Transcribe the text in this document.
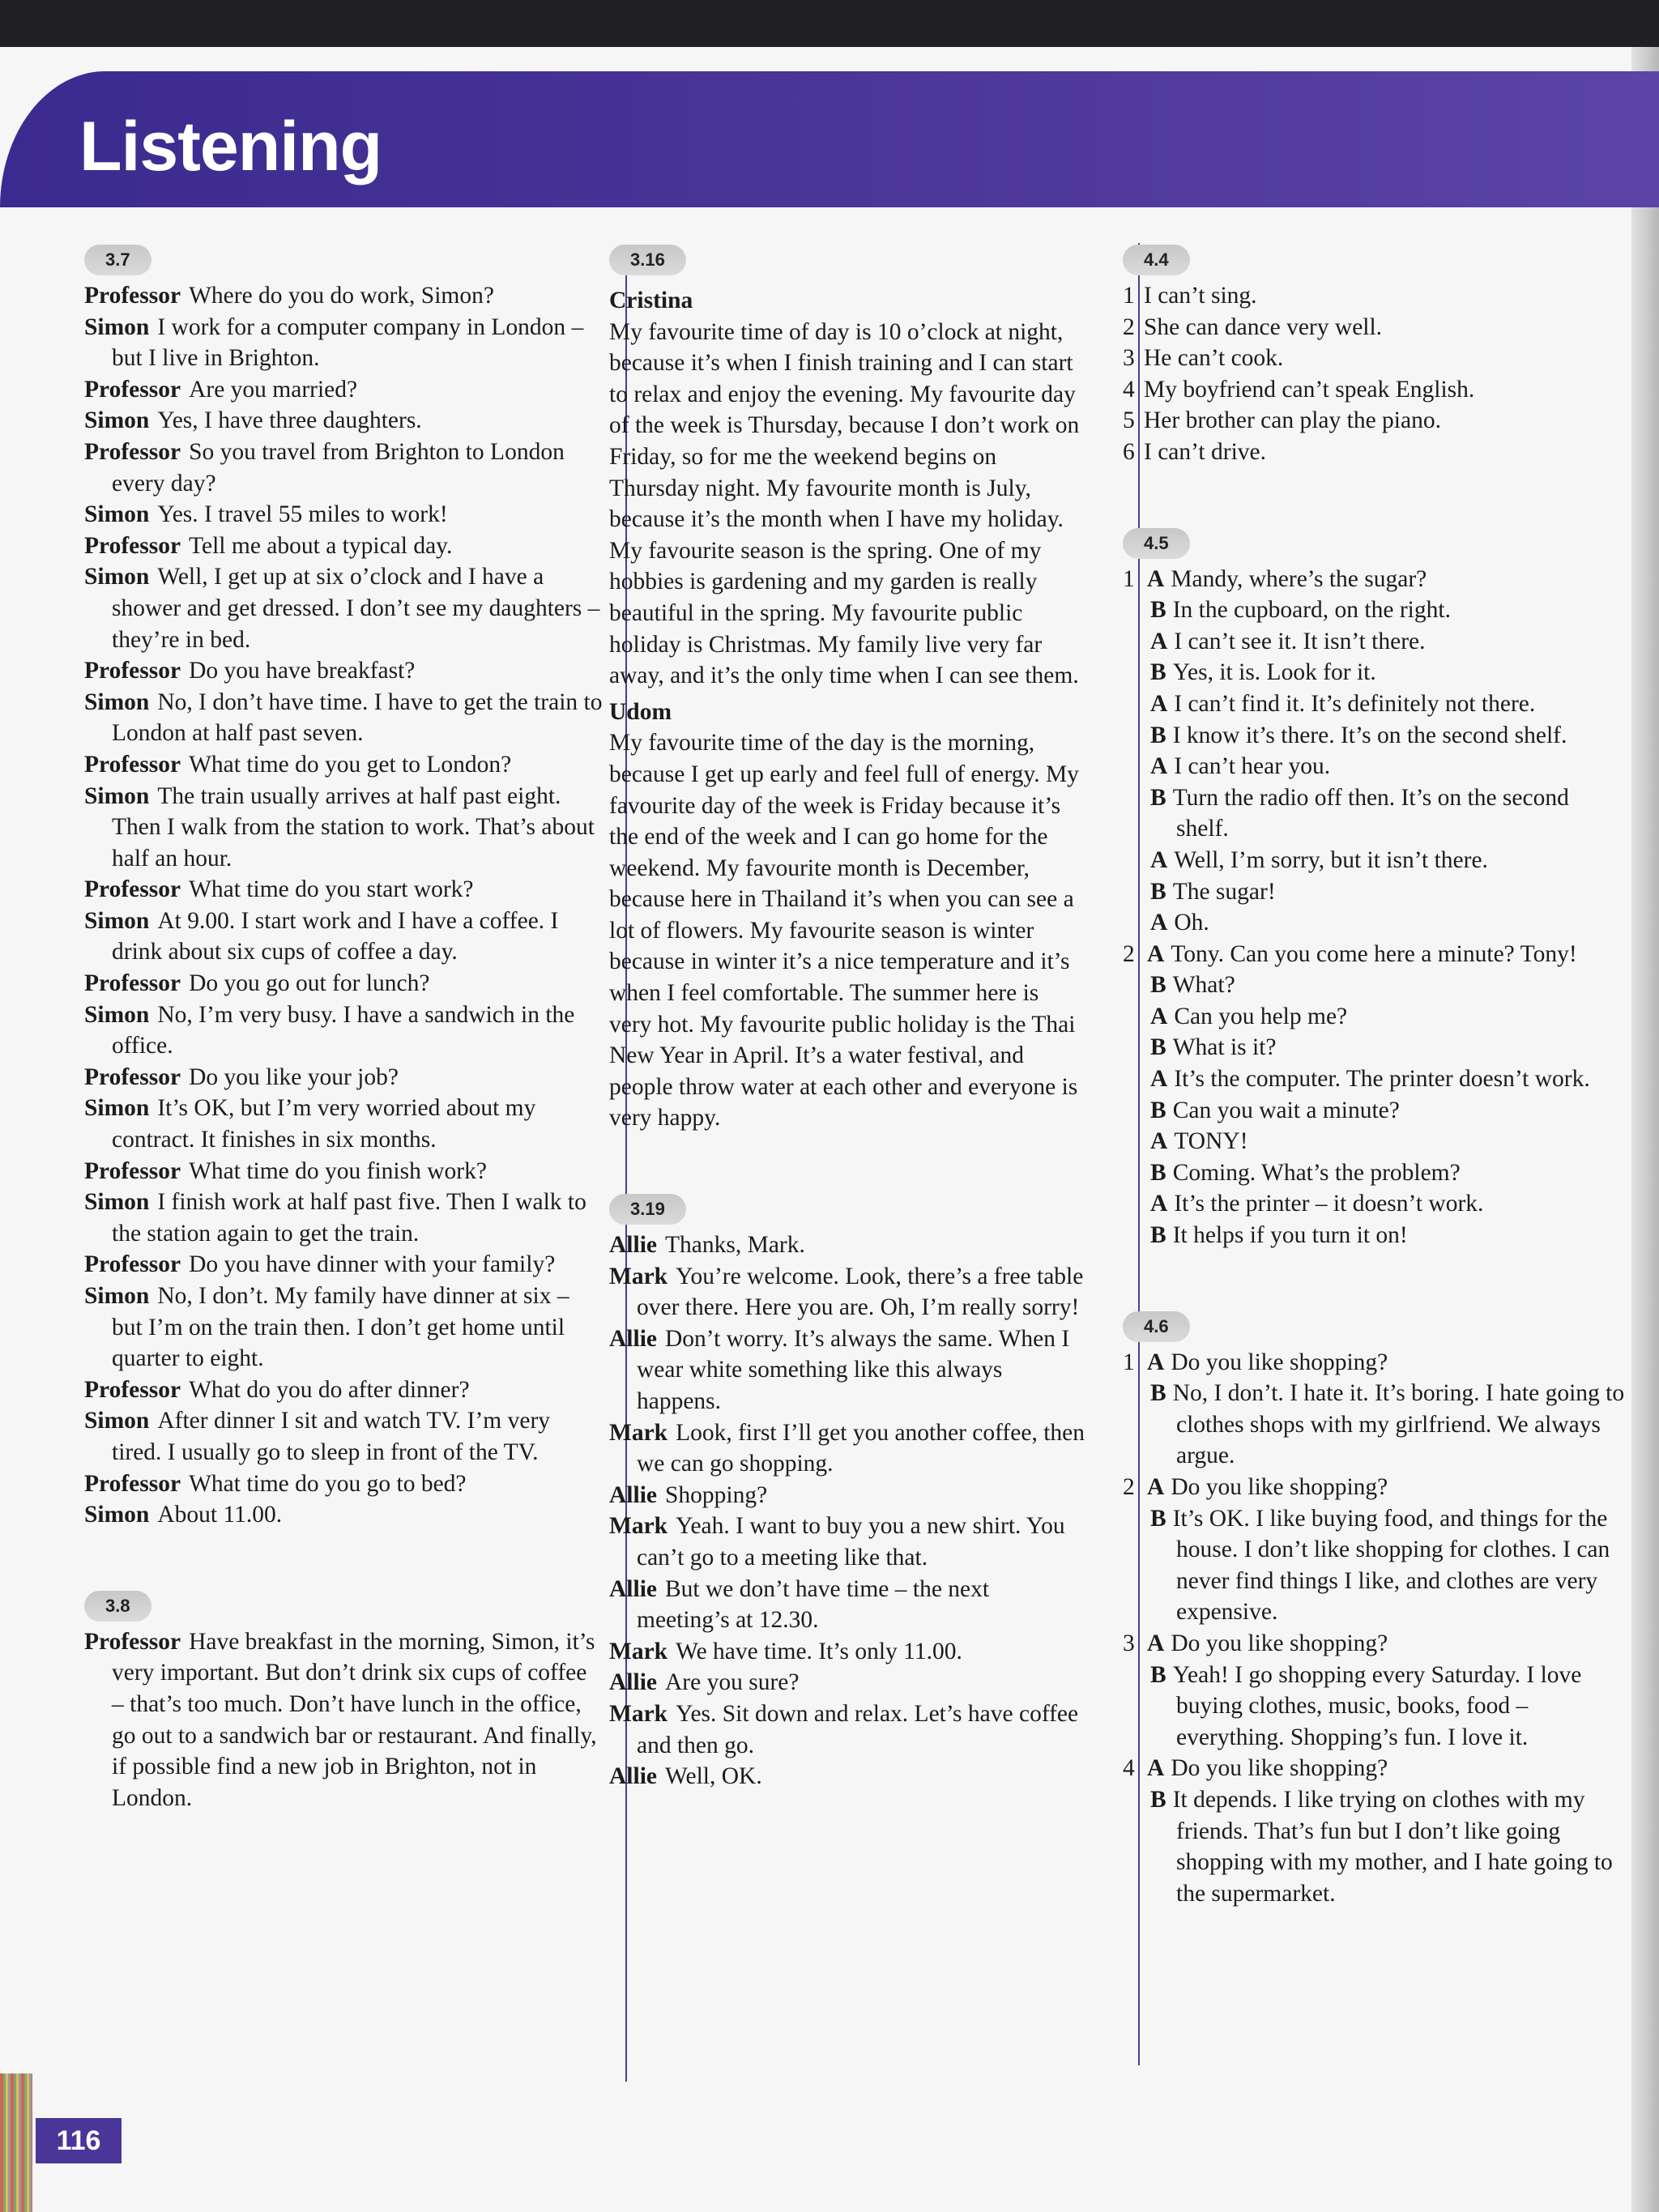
Listening
3.7

Professor Where do you do work, Simon?

Simon I work for a computer company in London – but I live in Brighton.

Professor Are you married?

Simon Yes, I have three daughters.

Professor So you travel from Brighton to London every day?

Simon Yes. I travel 55 miles to work!

Professor Tell me about a typical day.

Simon Well, I get up at six o’clock and I have a shower and get dressed. I don’t see my daughters – they’re in bed.

Professor Do you have breakfast?

Simon No, I don’t have time. I have to get the train to London at half past seven.

Professor What time do you get to London?

Simon The train usually arrives at half past eight. Then I walk from the station to work. That’s about half an hour.

Professor What time do you start work?

Simon At 9.00. I start work and I have a coffee. I drink about six cups of coffee a day.

Professor Do you go out for lunch?

Simon No, I’m very busy. I have a sandwich in the office.

Professor Do you like your job?

Simon It’s OK, but I’m very worried about my contract. It finishes in six months.

Professor What time do you finish work?

Simon I finish work at half past five. Then I walk to the station again to get the train.

Professor Do you have dinner with your family?

Simon No, I don’t. My family have dinner at six – but I’m on the train then. I don’t get home until quarter to eight.

Professor What do you do after dinner?

Simon After dinner I sit and watch TV. I’m very tired. I usually go to sleep in front of the TV.

Professor What time do you go to bed?

Simon About 11.00.

3.8

Professor Have breakfast in the morning, Simon, it’s very important. But don’t drink six cups of coffee – that’s too much. Don’t have lunch in the office, go out to a sandwich bar or restaurant. And finally, if possible find a new job in Brighton, not in London.

3.16

Cristina

My favourite time of day is 10 o’clock at night, because it’s when I finish training and I can start to relax and enjoy the evening. My favourite day of the week is Thursday, because I don’t work on Friday, so for me the weekend begins on Thursday night. My favourite month is July, because it’s the month when I have my holiday. My favourite season is the spring. One of my hobbies is gardening and my garden is really beautiful in the spring. My favourite public holiday is Christmas. My family live very far away, and it’s the only time when I can see them.

Udom

My favourite time of the day is the morning, because I get up early and feel full of energy. My favourite day of the week is Friday because it’s the end of the week and I can go home for the weekend. My favourite month is December, because here in Thailand it’s when you can see a lot of flowers. My favourite season is winter because in winter it’s a nice temperature and it’s when I feel comfortable. The summer here is very hot. My favourite public holiday is the Thai New Year in April. It’s a water festival, and people throw water at each other and everyone is very happy.

3.19

Allie Thanks, Mark.

Mark You’re welcome. Look, there’s a free table over there. Here you are. Oh, I’m really sorry!

Allie Don’t worry. It’s always the same. When I wear white something like this always happens.

Mark Look, first I’ll get you another coffee, then we can go shopping.

Allie Shopping?

Mark Yeah. I want to buy you a new shirt. You can’t go to a meeting like that.

Allie But we don’t have time – the next meeting’s at 12.30.

Mark We have time. It’s only 11.00.

Allie Are you sure?

Mark Yes. Sit down and relax. Let’s have coffee and then go.

Allie Well, OK.

4.4

1 I can’t sing.

2 She can dance very well.

3 He can’t cook.

4 My boyfriend can’t speak English.

5 Her brother can play the piano.

6 I can’t drive.

4.5

1 A Mandy, where’s the sugar?

B In the cupboard, on the right.

A I can’t see it. It isn’t there.

B Yes, it is. Look for it.

A I can’t find it. It’s definitely not there.

B I know it’s there. It’s on the second shelf.

A I can’t hear you.

B Turn the radio off then. It’s on the second shelf.

A Well, I’m sorry, but it isn’t there.

B The sugar!

A Oh.

2 A Tony. Can you come here a minute? Tony!

B What?

A Can you help me?

B What is it?

A It’s the computer. The printer doesn’t work.

B Can you wait a minute?

A TONY!

B Coming. What’s the problem?

A It’s the printer – it doesn’t work.

B It helps if you turn it on!

4.6

1 A Do you like shopping?

B No, I don’t. I hate it. It’s boring. I hate going to clothes shops with my girlfriend. We always argue.

2 A Do you like shopping?

B It’s OK. I like buying food, and things for the house. I don’t like shopping for clothes. I can never find things I like, and clothes are very expensive.

3 A Do you like shopping?

B Yeah! I go shopping every Saturday. I love buying clothes, music, books, food – everything. Shopping’s fun. I love it.

4 A Do you like shopping?

B It depends. I like trying on clothes with my friends. That’s fun but I don’t like going shopping with my mother, and I hate going to the supermarket.

116
